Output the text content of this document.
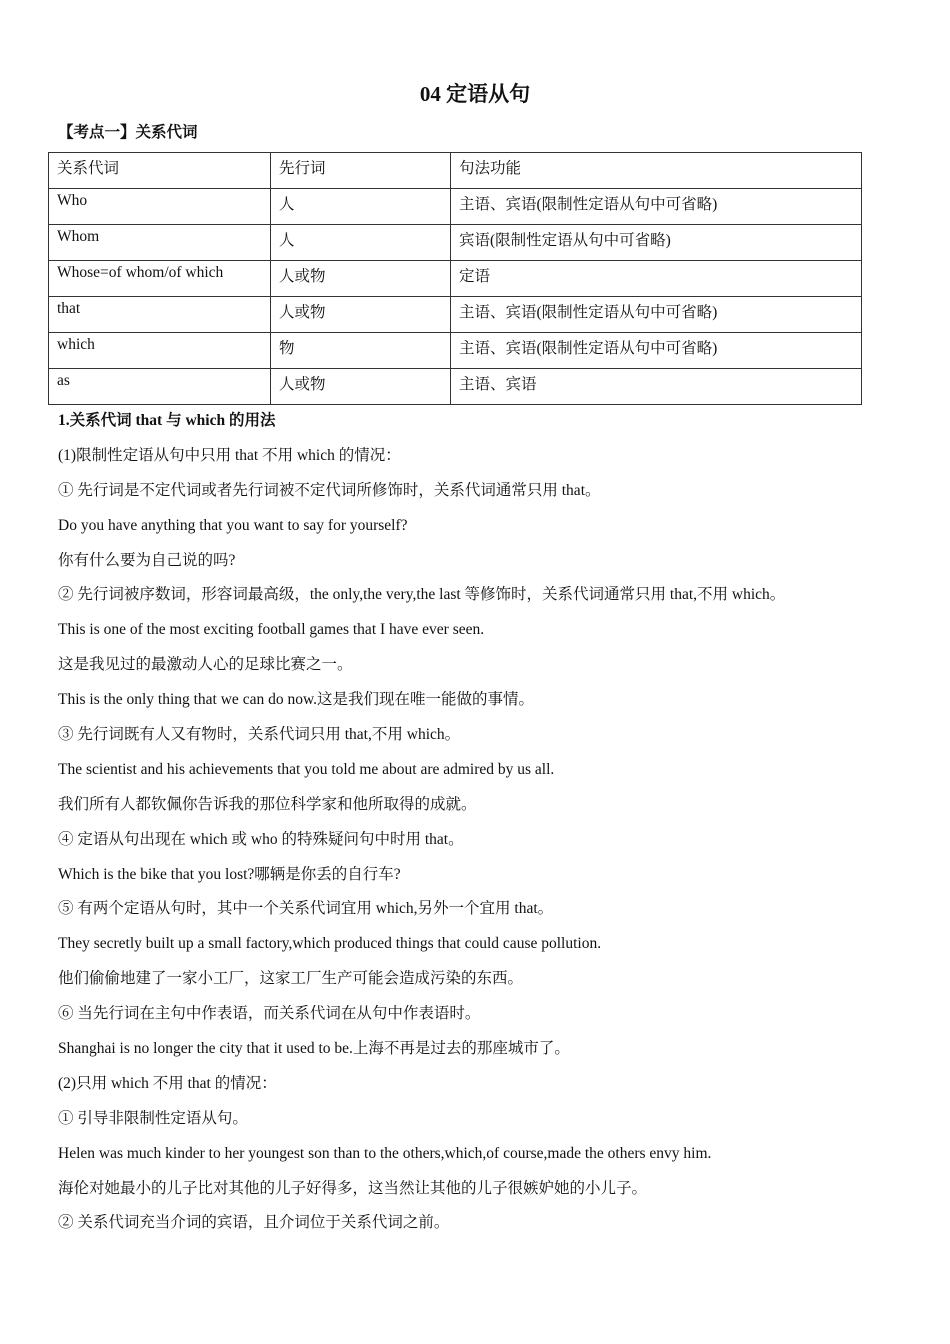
04 定语从句
【考点一】关系代词
关系代词	先行词	句法功能
Who	人	主语、宾语(限制性定语从句中可省略)
Whom	人	宾语(限制性定语从句中可省略)
Whose=of whom/of which	人或物	定语
that	人或物	主语、宾语(限制性定语从句中可省略)
which	物	主语、宾语(限制性定语从句中可省略)
as	人或物	主语、宾语
1.关系代词 that 与 which 的用法
(1)限制性定语从句中只用 that 不用 which 的情况：
① 先行词是不定代词或者先行词被不定代词所修饰时，关系代词通常只用 that。
Do you have anything that you want to say for yourself?
你有什么要为自己说的吗?
② 先行词被序数词，形容词最高级，the only,the very,the last 等修饰时，关系代词通常只用 that,不用 which。
This is one of the most exciting football games that I have ever seen.
这是我见过的最激动人心的足球比赛之一。
This is the only thing that we can do now.这是我们现在唯一能做的事情。
③ 先行词既有人又有物时，关系代词只用 that,不用 which。
The scientist and his achievements that you told me about are admired by us all.
我们所有人都钦佩你告诉我的那位科学家和他所取得的成就。
④ 定语从句出现在 which 或 who 的特殊疑问句中时用 that。
Which is the bike that you lost?哪辆是你丢的自行车?
⑤ 有两个定语从句时，其中一个关系代词宜用 which,另外一个宜用 that。
They secretly built up a small factory,which produced things that could cause pollution.
他们偷偷地建了一家小工厂，这家工厂生产可能会造成污染的东西。
⑥ 当先行词在主句中作表语，而关系代词在从句中作表语时。
Shanghai is no longer the city that it used to be.上海不再是过去的那座城市了。
(2)只用 which 不用 that 的情况：
① 引导非限制性定语从句。
Helen was much kinder to her youngest son than to the others,which,of course,made the others envy him.
海伦对她最小的儿子比对其他的儿子好得多，这当然让其他的儿子很嫉妒她的小儿子。
② 关系代词充当介词的宾语，且介词位于关系代词之前。
